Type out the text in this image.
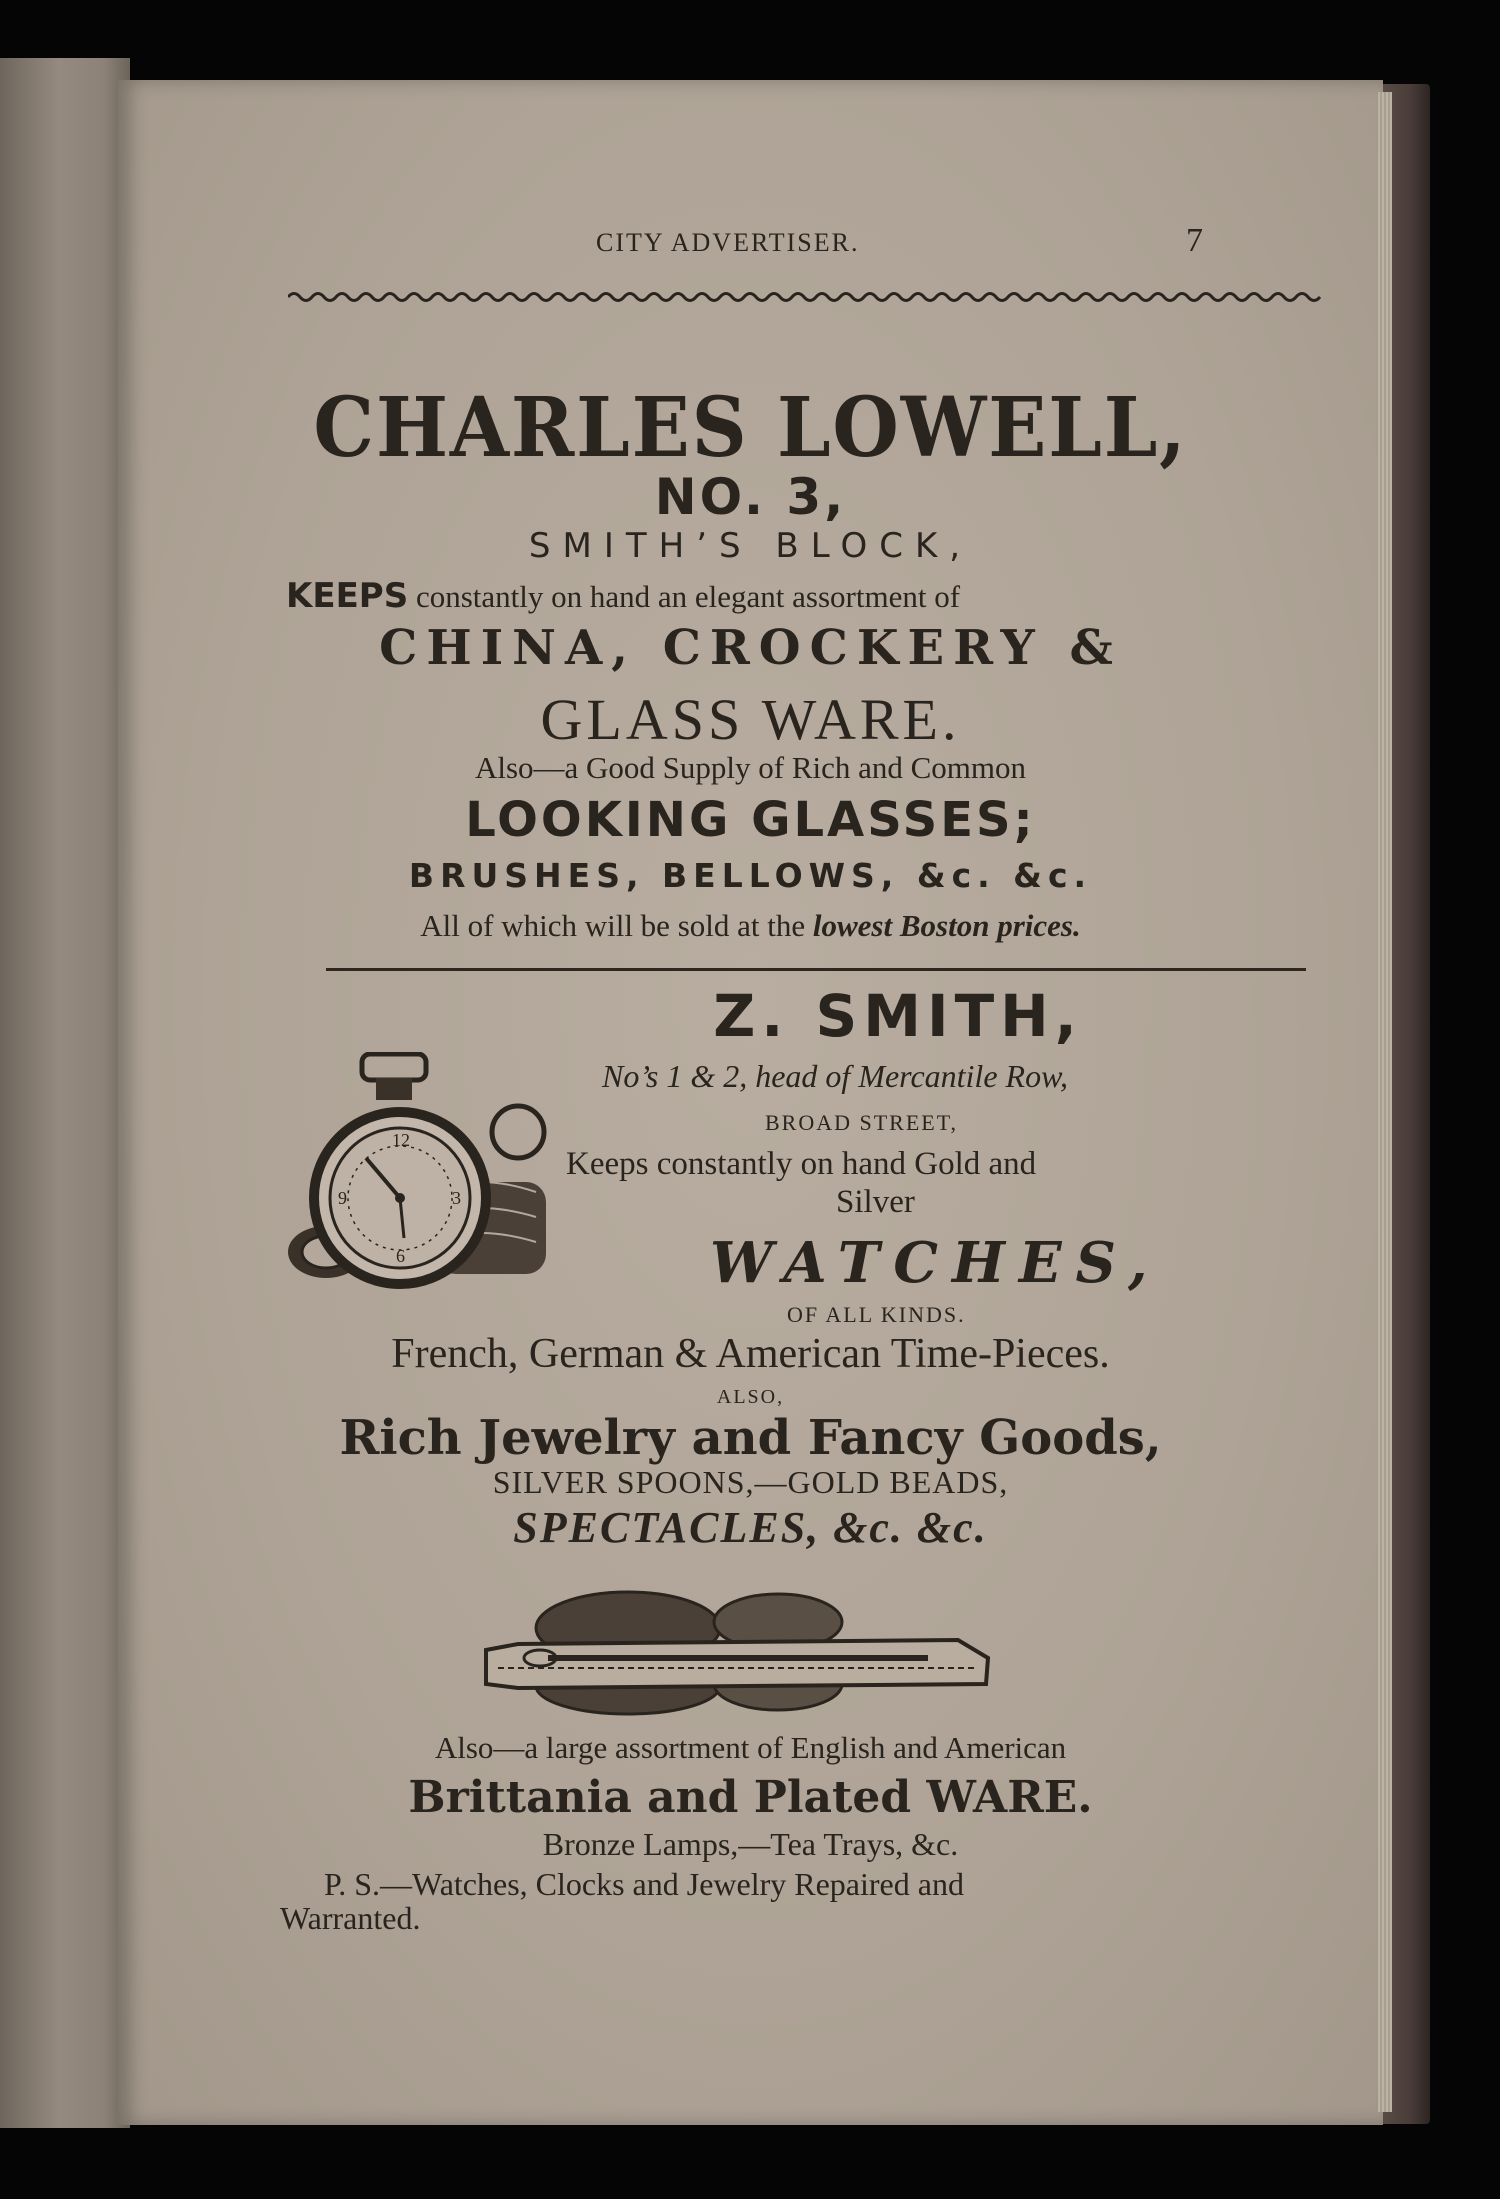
CITY ADVERTISER.	7
CHARLES LOWELL,
NO. 3,
SMITH’S BLOCK,
KEEPS constantly on hand an elegant assortment of
CHINA, CROCKERY &
GLASS WARE.
Also—a Good Supply of Rich and Common
LOOKING GLASSES;
BRUSHES, BELLOWS, &c. &c.
All of which will be sold at the lowest Boston prices.
Z. SMITH,
12
3
6
9
No’s 1 & 2, head of Mercantile Row,
BROAD STREET,
Keeps constantly on hand Gold and
Silver
WATCHES,
OF ALL KINDS.
French, German & American Time-Pieces.
ALSO,
Rich Jewelry and Fancy Goods,
SILVER SPOONS,—GOLD BEADS,
SPECTACLES, &c. &c.
Also—a large assortment of English and American
Brittania and Plated WARE.
Bronze Lamps,—Tea Trays, &c.
P. S.—Watches, Clocks and Jewelry Repaired and
Warranted.
